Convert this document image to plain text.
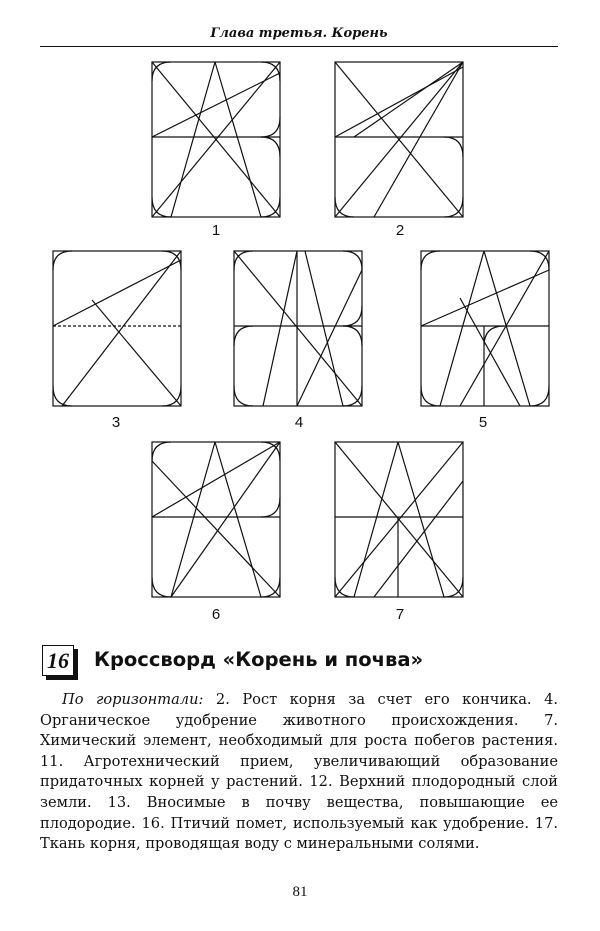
Глава третья. Корень
1	2
3	4	5
6	7
16 Кроссворд «Корень и почва»

По горизонтали: 2. Рост корня за счет его кончика. 4. Органическое удобрение животного происхождения. 7. Химический элемент, необходимый для роста побегов растения. 11. Агротехнический прием, увеличивающий образование придаточных корней у растений. 12. Верхний плодородный слой земли. 13. Вносимые в почву вещества, повышающие ее плодородие. 16. Птичий помет, используемый как удобрение. 17. Ткань корня, проводящая воду с минеральными солями.

81
